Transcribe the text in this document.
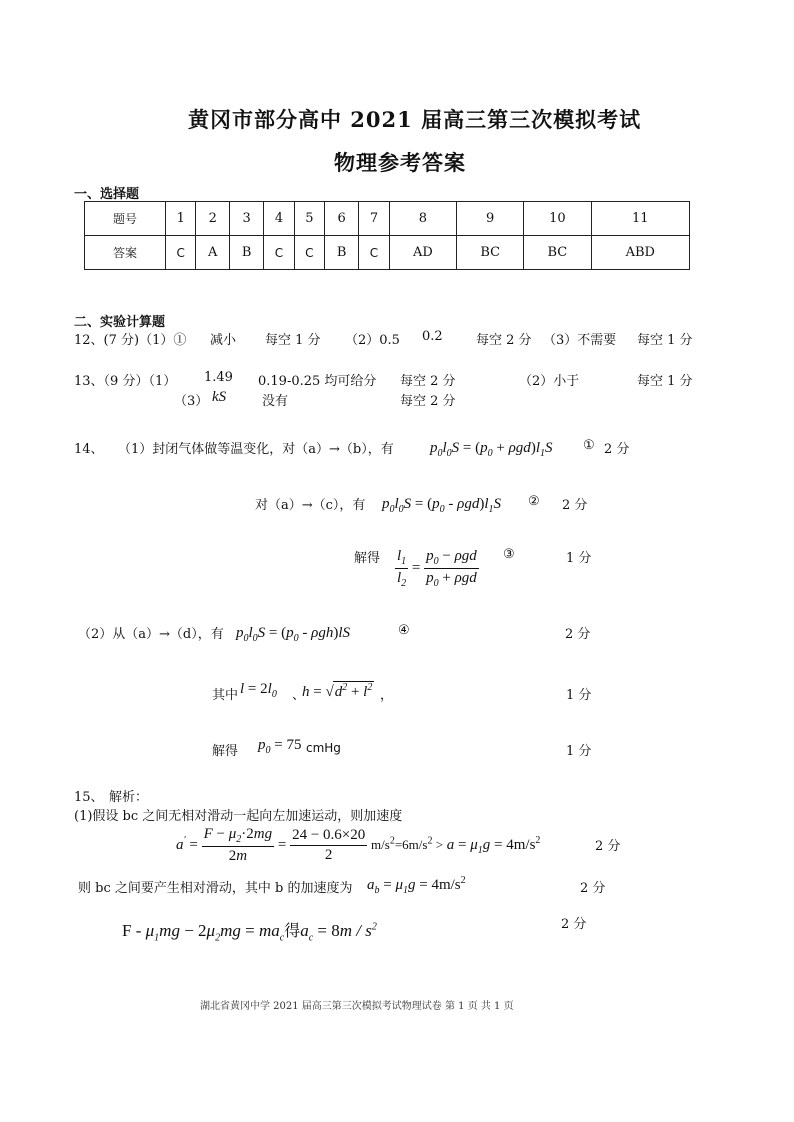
黄冈市部分高中 2021 届高三第三次模拟考试
物理参考答案
一、选择题
题号	1	2	3	4	5	6	7	8	9	10	11
答案	C	A	B	C	C	B	C	AD	BC	BC	ABD
二、实验计算题
12、(7 分)（1）① 减小 每空 1 分 （2）0.5 0.2	每空 2 分 （3）不需要 每空 1 分
13、（9 分）（1） 1.49 0.19-0.25 均可给分 每空 2 分	（2）小于	每空 1 分
（3） kS	没有	每空 2 分
14、 （1）封闭气体做等温变化，对（a）→（b），有 $p_0l_0S = (p_0 + \rho gd)l_1S$ ① 2 分
对（a）→（c），有 $p_0l_0S = (p_0 - \rho gd)l_1S$ ② 2 分
解得 $\frac{l_1}{l_2} = \frac{p_0 - \rho gd}{p_0 + \rho gd}$ ③	1 分
（2）从（a）→（d），有 $p_0l_0S = (p_0 - \rho gh)lS$	④	2 分
其中 $l = 2l_0$ 、
$h = √d^2 + l^2$
，	1 分
解得 $p_0 = 75$ cmHg	1 分
15、 解析：
(1)假设 bc 之间无相对滑动一起向左加速运动，则加速度
$a' = \frac{F - \mu_2\cdot 2mg}{2m} = \frac{24 - 0.6\times 20}{2} m/s^2=6m/s^2 > a = \mu_1g = 4m/s^2$	2 分
则 bc 之间要产生相对滑动，其中 b 的加速度为 $a_b = \mu_1g = 4m/s^2$
2 分
$F - \mu_1mg - 2\mu_2mg = ma_c$得$a_c = 8m / s^2$	2 分
湖北省黄冈中学 2021 届高三第三次模拟考试物理试卷 第 1 页 共 1 页
